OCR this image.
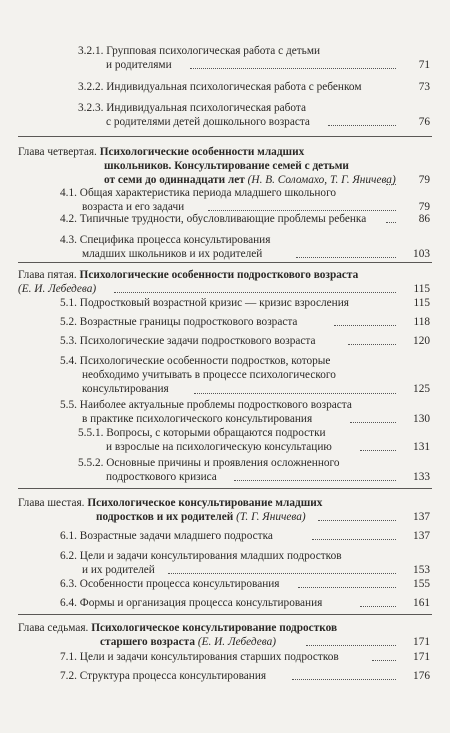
3.2.1. Групповая психологическая работа с детьми
и родителями	71
3.2.2. Индивидуальная психологическая работа с ребенком	73
3.2.3. Индивидуальная психологическая работа
с родителями детей дошкольного возраста	76
Глава четвертая. Психологические особенности младших
школьников. Консультирование семей с детьми
от семи до одиннадцати лет (Н. В. Соломахо, Т. Г. Яничева)	79
4.1. Общая характеристика периода младшего школьного
возраста и его задачи	79
4.2. Типичные трудности, обусловливающие проблемы ребенка	86
4.3. Специфика процесса консультирования
младших школьников и их родителей	103
Глава пятая. Психологические особенности подросткового возраста
(Е. И. Лебедева)	115
5.1. Подростковый возрастной кризис — кризис взросления	115
5.2. Возрастные границы подросткового возраста	118
5.3. Психологические задачи подросткового возраста	120
5.4. Психологические особенности подростков, которые
необходимо учитывать в процессе психологического
консультирования	125
5.5. Наиболее актуальные проблемы подросткового возраста
в практике психологического консультирования	130
5.5.1. Вопросы, с которыми обращаются подростки
и взрослые на психологическую консультацию	131
5.5.2. Основные причины и проявления осложненного
подросткового кризиса	133
Глава шестая. Психологическое консультирование младших
подростков и их родителей (Т. Г. Яничева)	137
6.1. Возрастные задачи младшего подростка	137
6.2. Цели и задачи консультирования младших подростков
и их родителей	153
6.3. Особенности процесса консультирования	155
6.4. Формы и организация процесса консультирования	161
Глава седьмая. Психологическое консультирование подростков
старшего возраста (Е. И. Лебедева)	171
7.1. Цели и задачи консультирования старших подростков	171
7.2. Структура процесса консультирования	176
